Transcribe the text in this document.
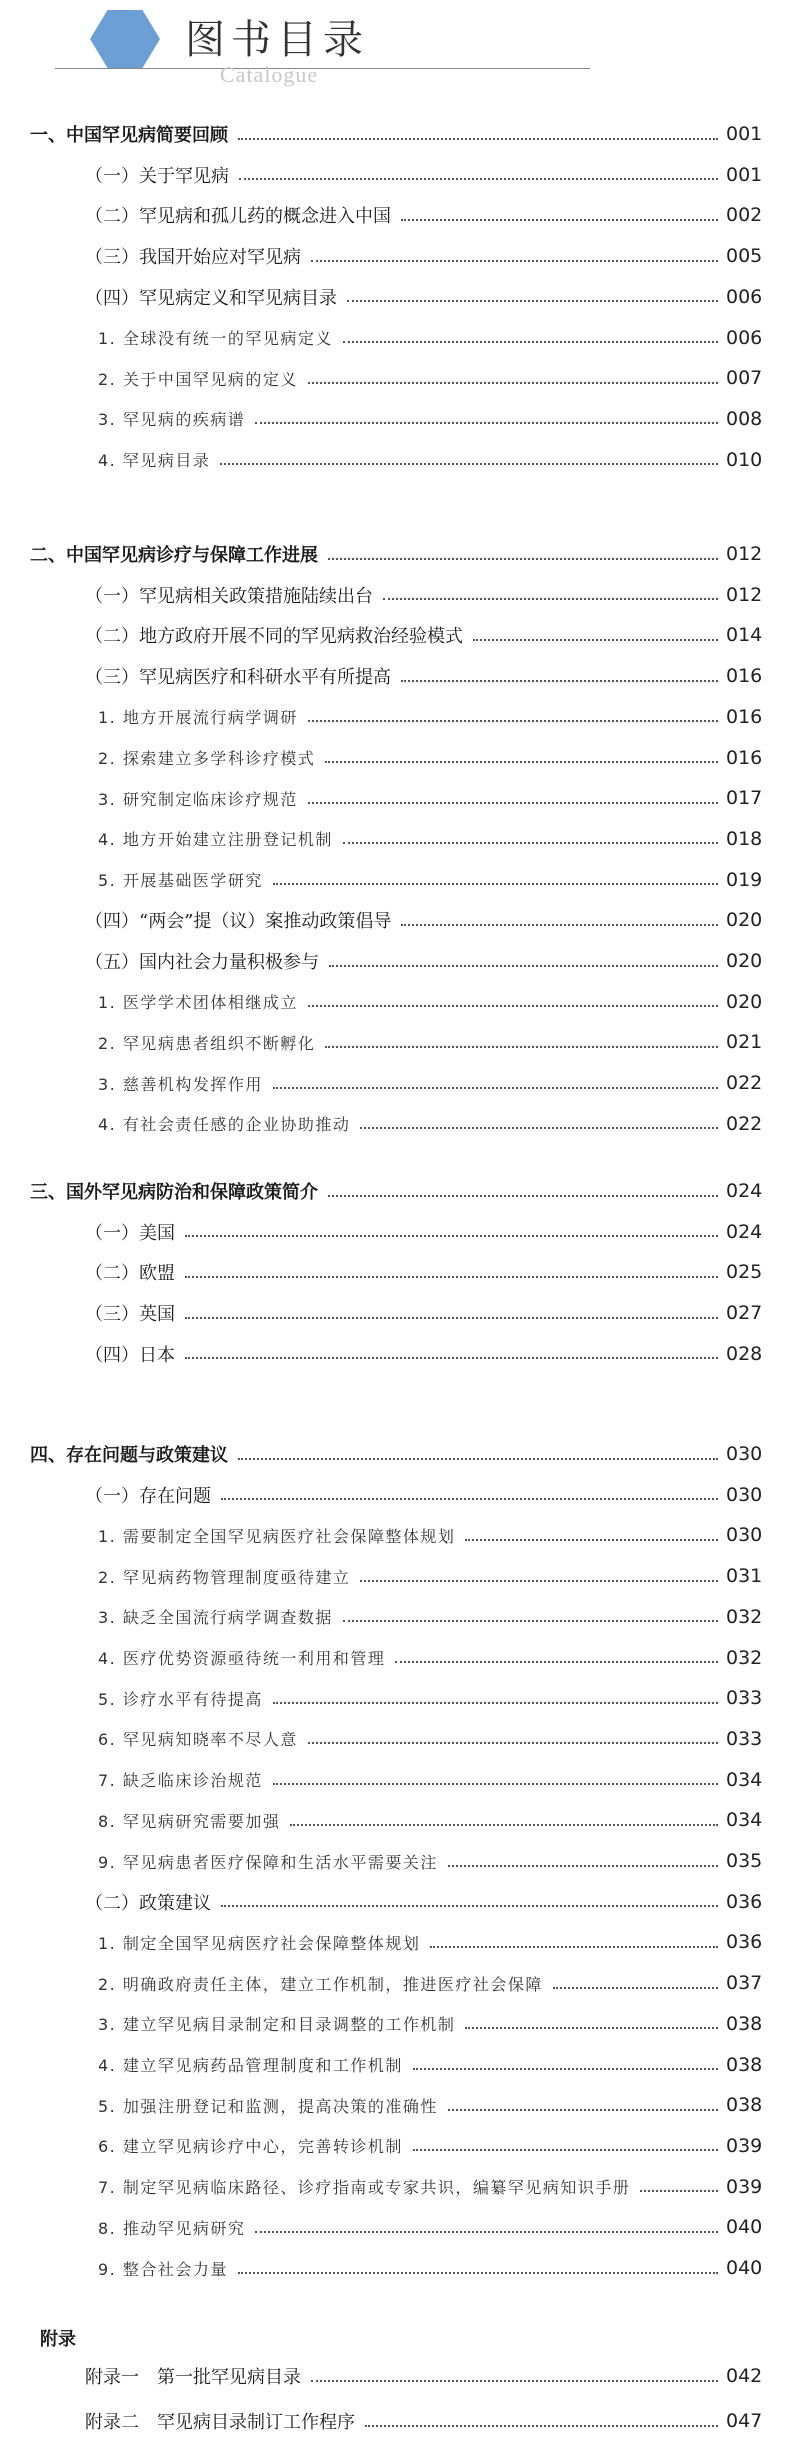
图书目录
Catalogue
一、中国罕见病简要回顾	001
（一）关于罕见病	001
（二）罕见病和孤儿药的概念进入中国	002
（三）我国开始应对罕见病	005
（四）罕见病定义和罕见病目录	006
1. 全球没有统一的罕见病定义	006
2. 关于中国罕见病的定义	007
3. 罕见病的疾病谱	008
4. 罕见病目录	010
二、中国罕见病诊疗与保障工作进展	012
（一）罕见病相关政策措施陆续出台	012
（二）地方政府开展不同的罕见病救治经验模式	014
（三）罕见病医疗和科研水平有所提高	016
1. 地方开展流行病学调研	016
2. 探索建立多学科诊疗模式	016
3. 研究制定临床诊疗规范	017
4. 地方开始建立注册登记机制	018
5. 开展基础医学研究	019
（四）“两会”提（议）案推动政策倡导	020
（五）国内社会力量积极参与	020
1. 医学学术团体相继成立	020
2. 罕见病患者组织不断孵化	021
3. 慈善机构发挥作用	022
4. 有社会责任感的企业协助推动	022
三、国外罕见病防治和保障政策简介	024
（一）美国	024
（二）欧盟	025
（三）英国	027
（四）日本	028
四、存在问题与政策建议	030
（一）存在问题	030
1. 需要制定全国罕见病医疗社会保障整体规划	030
2. 罕见病药物管理制度亟待建立	031
3. 缺乏全国流行病学调查数据	032
4. 医疗优势资源亟待统一利用和管理	032
5. 诊疗水平有待提高	033
6. 罕见病知晓率不尽人意	033
7. 缺乏临床诊治规范	034
8. 罕见病研究需要加强	034
9. 罕见病患者医疗保障和生活水平需要关注	035
（二）政策建议	036
1. 制定全国罕见病医疗社会保障整体规划	036
2. 明确政府责任主体，建立工作机制，推进医疗社会保障	037
3. 建立罕见病目录制定和目录调整的工作机制	038
4. 建立罕见病药品管理制度和工作机制	038
5. 加强注册登记和监测，提高决策的准确性	038
6. 建立罕见病诊疗中心，完善转诊机制	039
7. 制定罕见病临床路径、诊疗指南或专家共识，编纂罕见病知识手册	039
8. 推动罕见病研究	040
9. 整合社会力量	040
附录一　第一批罕见病目录	042
附录二　罕见病目录制订工作程序	047
附录
